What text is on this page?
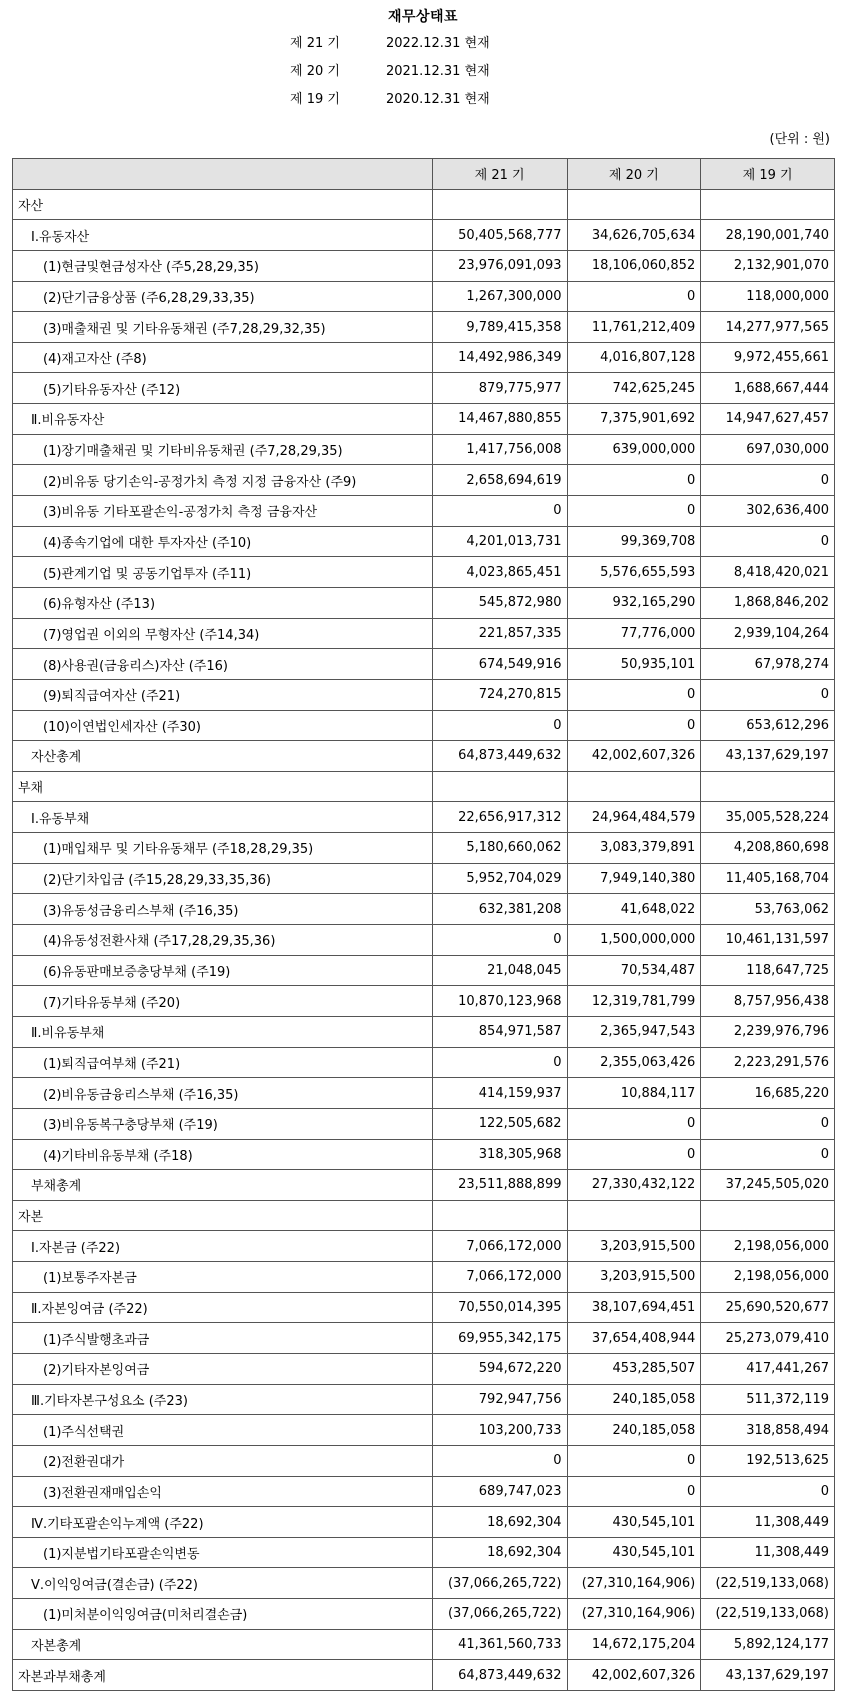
재무상태표
제 21 기	2022.12.31 현재
제 20 기	2021.12.31 현재
제 19 기	2020.12.31 현재
(단위 : 원)
	제 21 기	제 20 기	제 19 기
자산			
Ⅰ.유동자산	50,405,568,777	34,626,705,634	28,190,001,740
(1)현금및현금성자산 (주5,28,29,35)	23,976,091,093	18,106,060,852	2,132,901,070
(2)단기금융상품 (주6,28,29,33,35)	1,267,300,000	0	118,000,000
(3)매출채권 및 기타유동채권 (주7,28,29,32,35)	9,789,415,358	11,761,212,409	14,277,977,565
(4)재고자산 (주8)	14,492,986,349	4,016,807,128	9,972,455,661
(5)기타유동자산 (주12)	879,775,977	742,625,245	1,688,667,444
Ⅱ.비유동자산	14,467,880,855	7,375,901,692	14,947,627,457
(1)장기매출채권 및 기타비유동채권 (주7,28,29,35)	1,417,756,008	639,000,000	697,030,000
(2)비유동 당기손익-공정가치 측정 지정 금융자산 (주9)	2,658,694,619	0	0
(3)비유동 기타포괄손익-공정가치 측정 금융자산	0	0	302,636,400
(4)종속기업에 대한 투자자산 (주10)	4,201,013,731	99,369,708	0
(5)관계기업 및 공동기업투자 (주11)	4,023,865,451	5,576,655,593	8,418,420,021
(6)유형자산 (주13)	545,872,980	932,165,290	1,868,846,202
(7)영업권 이외의 무형자산 (주14,34)	221,857,335	77,776,000	2,939,104,264
(8)사용권(금융리스)자산 (주16)	674,549,916	50,935,101	67,978,274
(9)퇴직급여자산 (주21)	724,270,815	0	0
(10)이연법인세자산 (주30)	0	0	653,612,296
자산총계	64,873,449,632	42,002,607,326	43,137,629,197
부채			
Ⅰ.유동부채	22,656,917,312	24,964,484,579	35,005,528,224
(1)매입채무 및 기타유동채무 (주18,28,29,35)	5,180,660,062	3,083,379,891	4,208,860,698
(2)단기차입금 (주15,28,29,33,35,36)	5,952,704,029	7,949,140,380	11,405,168,704
(3)유동성금융리스부채 (주16,35)	632,381,208	41,648,022	53,763,062
(4)유동성전환사채 (주17,28,29,35,36)	0	1,500,000,000	10,461,131,597
(6)유동판매보증충당부채 (주19)	21,048,045	70,534,487	118,647,725
(7)기타유동부채 (주20)	10,870,123,968	12,319,781,799	8,757,956,438
Ⅱ.비유동부채	854,971,587	2,365,947,543	2,239,976,796
(1)퇴직급여부채 (주21)	0	2,355,063,426	2,223,291,576
(2)비유동금융리스부채 (주16,35)	414,159,937	10,884,117	16,685,220
(3)비유동복구충당부채 (주19)	122,505,682	0	0
(4)기타비유동부채 (주18)	318,305,968	0	0
부채총계	23,511,888,899	27,330,432,122	37,245,505,020
자본			
Ⅰ.자본금 (주22)	7,066,172,000	3,203,915,500	2,198,056,000
(1)보통주자본금	7,066,172,000	3,203,915,500	2,198,056,000
Ⅱ.자본잉여금 (주22)	70,550,014,395	38,107,694,451	25,690,520,677
(1)주식발행초과금	69,955,342,175	37,654,408,944	25,273,079,410
(2)기타자본잉여금	594,672,220	453,285,507	417,441,267
Ⅲ.기타자본구성요소 (주23)	792,947,756	240,185,058	511,372,119
(1)주식선택권	103,200,733	240,185,058	318,858,494
(2)전환권대가	0	0	192,513,625
(3)전환권재매입손익	689,747,023	0	0
Ⅳ.기타포괄손익누계액 (주22)	18,692,304	430,545,101	11,308,449
(1)지분법기타포괄손익변동	18,692,304	430,545,101	11,308,449
Ⅴ.이익잉여금(결손금) (주22)	(37,066,265,722)	(27,310,164,906)	(22,519,133,068)
(1)미처분이익잉여금(미처리결손금)	(37,066,265,722)	(27,310,164,906)	(22,519,133,068)
자본총계	41,361,560,733	14,672,175,204	5,892,124,177
자본과부채총계	64,873,449,632	42,002,607,326	43,137,629,197
